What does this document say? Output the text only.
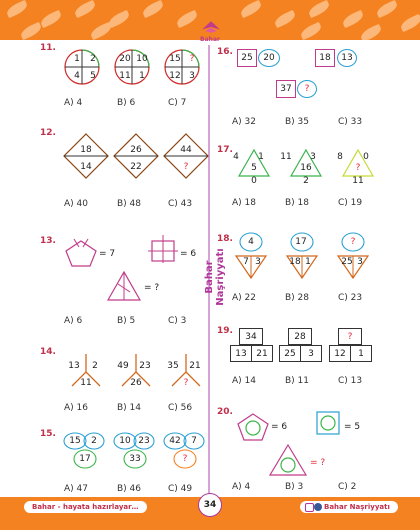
Bahar
Bahar Naşriyyatı
11.
1	2
4	5
20 10
11 1
15 ?
12 3
A) 4	B) 6	C) 7
12.
18
14
26
22
44
?
A) 40	B) 48	C) 43
13.
= 7	= 6
= ?
A) 6	B) 5	C) 3
14.
13	2
11
49	23
26
35	21
?
A) 16	B) 14	C) 56
15.
15	2
17
10 23
33
42	7
?
A) 47	B) 46	C) 49
16.
25	20	18	13
37	?
A) 32	B) 35	C) 33
17.
4	1
5
0
11	3
16
2
8	0
?
11
A) 18	B) 18	C) 19
18.	4
7 3
17
18 1
?
25 3
A) 22	B) 28	C) 23
19.
34
13	21
28
25	3
?
12	1
A) 14	B) 11	C) 13
20.
= 6	= 5
= ?
A) 4	B) 3	C) 2
Bahar - hayata hazırlayar…	34	Bahar Naşriyyatı
